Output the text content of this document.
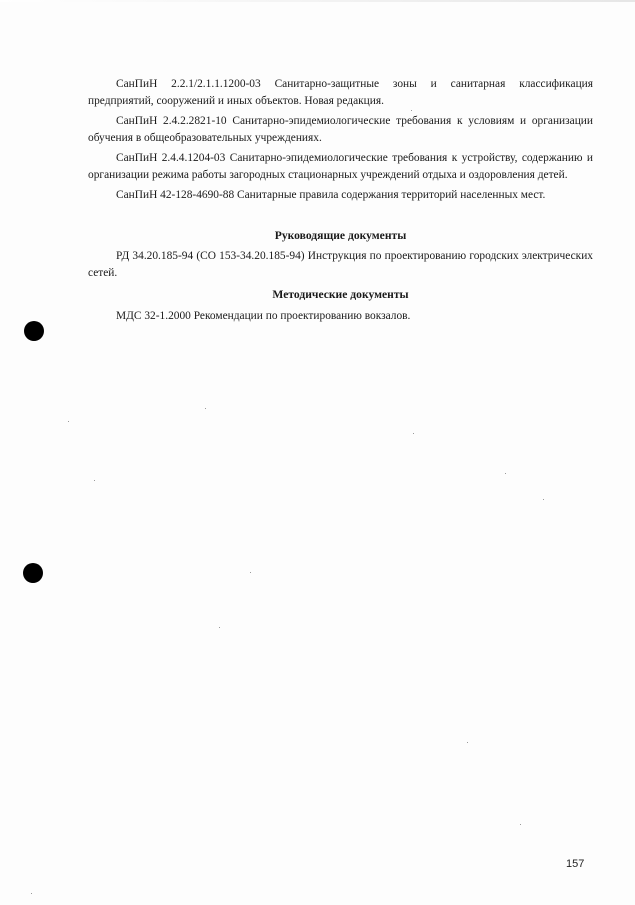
СанПиН 2.2.1/2.1.1.1200-03 Санитарно-защитные зоны и санитарная классификация предприятий, сооружений и иных объектов. Новая редакция.

СанПиН 2.4.2.2821-10 Санитарно-эпидемиологические требования к условиям и организации обучения в общеобразовательных учреждениях.

СанПиН 2.4.4.1204-03 Санитарно-эпидемиологические требования к устройству, содержанию и организации режима работы загородных стационарных учреждений отдыха и оздоровления детей.

СанПиН 42-128-4690-88 Санитарные правила содержания территорий населенных мест.

Руководящие документы

РД 34.20.185-94 (СО 153-34.20.185-94) Инструкция по проектированию городских электрических сетей.

Методические документы

МДС 32-1.2000 Рекомендации по проектированию вокзалов.

157
